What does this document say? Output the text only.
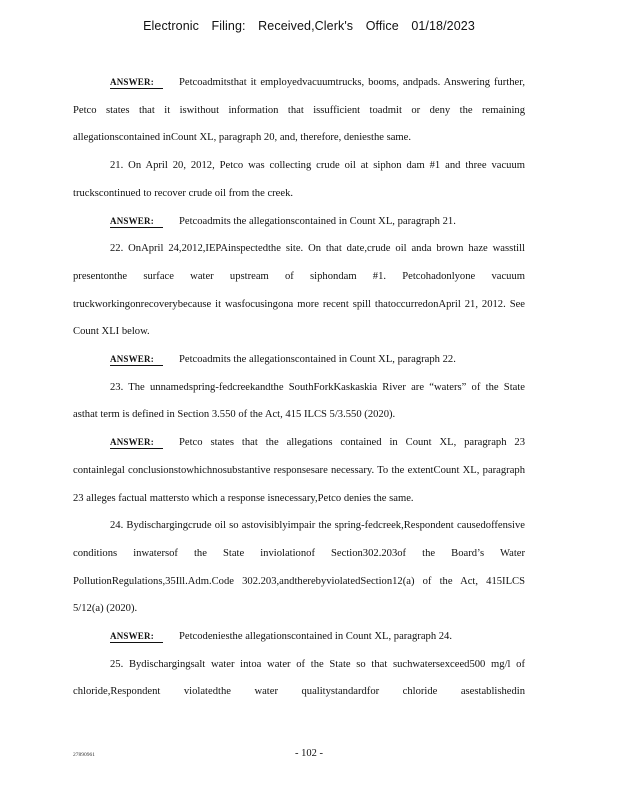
Electronic Filing: Received,Clerk's Office 01/18/2023

ANSWER: Petcoadmitsthat it employedvacuumtrucks, booms, andpads. Answering further, Petco states that it iswithout information that issufficient toadmit or deny the remaining allegationscontained inCount XL, paragraph 20, and, therefore, deniesthe same.

21. On April 20, 2012, Petco was collecting crude oil at siphon dam #1 and three vacuum truckscontinued to recover crude oil from the creek.

ANSWER: Petcoadmits the allegationscontained in Count XL, paragraph 21.

22. OnApril 24,2012,IEPAinspectedthe site. On that date,crude oil anda brown haze wasstill presentonthe surface water upstream of siphondam #1. Petcohadonlyone vacuum truckworkingonrecoverybecause it wasfocusingona more recent spill thatoccurredonApril 21, 2012. See Count XLI below.

ANSWER: Petcoadmits the allegationscontained in Count XL, paragraph 22.

23. The unnamedspring-fedcreekandthe SouthForkKaskaskia River are “waters” of the State asthat term is defined in Section 3.550 of the Act, 415 ILCS 5/3.550 (2020).

ANSWER: Petco states that the allegations contained in Count XL, paragraph 23 containlegal conclusionstowhichnosubstantive responsesare necessary. To the extentCount XL, paragraph 23 alleges factual mattersto which a response isnecessary,Petco denies the same.

24. Bydischargingcrude oil so astovisiblyimpair the spring-fedcreek,Respondent causedoffensive conditions inwatersof the State inviolationof Section302.203of the Board’s Water PollutionRegulations,35Ill.Adm.Code 302.203,andtherebyviolatedSection12(a) of the Act, 415ILCS 5/12(a) (2020).

ANSWER: Petcodeniesthe allegationscontained in Count XL, paragraph 24.

25. Bydischargingsalt water intoa water of the State so that suchwatersexceed500 mg/l of chloride,Respondent violatedthe water qualitystandardfor chloride asestablishedin

27890961	- 102 -
